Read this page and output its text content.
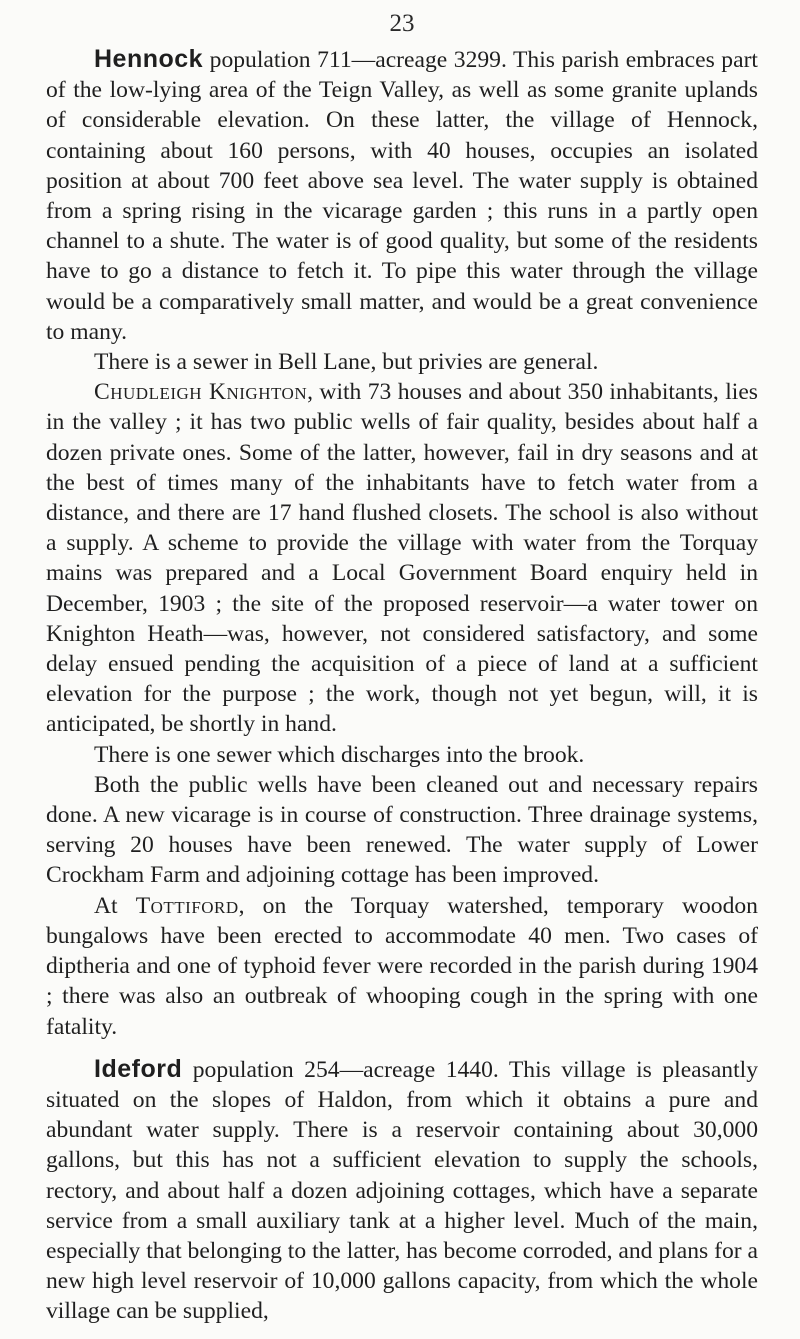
23

Hennock population 711—acreage 3299. This parish embraces part of the low-lying area of the Teign Valley, as well as some granite uplands of considerable elevation. On these latter, the village of Hennock, containing about 160 persons, with 40 houses, occupies an isolated position at about 700 feet above sea level. The water supply is obtained from a spring rising in the vicarage garden ; this runs in a partly open channel to a shute. The water is of good quality, but some of the residents have to go a distance to fetch it. To pipe this water through the village would be a comparatively small matter, and would be a great convenience to many.

There is a sewer in Bell Lane, but privies are general.

Chudleigh Knighton, with 73 houses and about 350 inhabitants, lies in the valley ; it has two public wells of fair quality, besides about half a dozen private ones. Some of the latter, however, fail in dry seasons and at the best of times many of the inhabitants have to fetch water from a distance, and there are 17 hand flushed closets. The school is also without a supply. A scheme to provide the village with water from the Torquay mains was prepared and a Local Government Board enquiry held in December, 1903 ; the site of the proposed reservoir—a water tower on Knighton Heath—was, however, not considered satisfactory, and some delay ensued pending the acquisition of a piece of land at a sufficient elevation for the purpose ; the work, though not yet begun, will, it is anticipated, be shortly in hand.

There is one sewer which discharges into the brook.

Both the public wells have been cleaned out and necessary repairs done. A new vicarage is in course of construction. Three drainage systems, serving 20 houses have been renewed. The water supply of Lower Crockham Farm and adjoining cottage has been improved.

At Tottiford, on the Torquay watershed, temporary woodon bungalows have been erected to accommodate 40 men. Two cases of diptheria and one of typhoid fever were recorded in the parish during 1904 ; there was also an outbreak of whooping cough in the spring with one fatality.

Ideford population 254—acreage 1440. This village is pleasantly situated on the slopes of Haldon, from which it obtains a pure and abundant water supply. There is a reservoir containing about 30,000 gallons, but this has not a sufficient elevation to supply the schools, rectory, and about half a dozen adjoining cottages, which have a separate service from a small auxiliary tank at a higher level. Much of the main, especially that belonging to the latter, has become corroded, and plans for a new high level reservoir of 10,000 gallons capacity, from which the whole village can be supplied,
